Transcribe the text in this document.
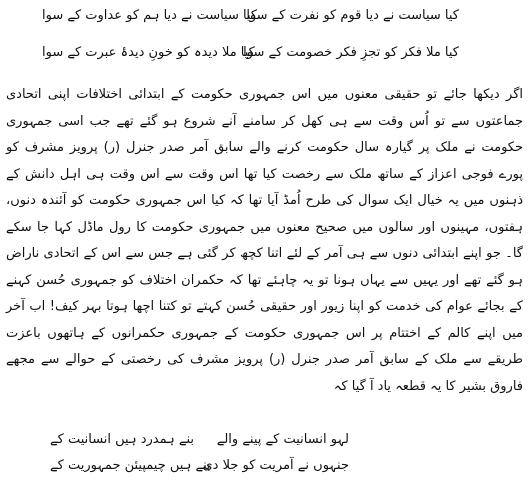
کیا سیاست نے دیا قوم کو نفرت کے سوا
کیا سیاست نے دیا ہم کو عداوت کے سوا
کیا ملا فکر کو تجزِ فکر خصومت کے سوا
کیا ملا دیدہ کو خونِ دیدۂ عبرت کے سوا
اگر دیکھا جائے تو حقیقی معنوں میں اس جمہوری حکومت کے ابتدائی اختلافات اپنی اتحادی جماعتوں سے تو اُس وقت سے ہی کھل کر سامنے آنے شروع ہو گئے تھے جب اسی جمہوری حکومت نے ملک پر گیارہ سال حکومت کرنے والے سابق آمر صدر جنرل (ر) پرویز مشرف کو پورے فوجی اعزاز کے ساتھ ملک سے رخصت کیا تھا اس وقت سے اس وقت ہی اہل دانش کے ذہنوں میں یہ خیال ایک سوال کی طرح اُمڈ آیا تھا کہ کیا اس جمہوری حکومت کو آئندہ دنوں، ہفتوں، مہینوں اور سالوں میں صحیح معنوں میں جمہوری حکومت کا رول ماڈل کہا جا سکے گا۔ جو اپنے ابتدائی دنوں سے ہی آمر کے لئے اتنا کچھ کر گئی ہے جس سے اس کے اتحادی ناراض ہو گئے تھے اور یہیں سے یہاں ہونا تو یہ چاہئے تھا کہ حکمران اختلاف کو جمہوری حُسن کہنے کے بجائے عوام کی خدمت کو اپنا زیور اور حقیقی حُسن کہتے تو کتنا اچھا ہوتا بہر کیف! اب آخر میں اپنے کالم کے اختتام پر اس جمہوری حکومت کے جمہوری حکمرانوں کے ہاتھوں باعزت طریقے سے ملک کے سابق آمر صدر جنرل (ر) پرویز مشرف کی رخصتی کے حوالے سے مجھے فاروق بشیر کا یہ قطعہ یاد آ گیا کہ
لہو انسانیت کے پینے والے
بنے ہمدرد ہیں انسانیت کے
جنہوں نے آمریت کو جلا دی
بنے ہیں چیمپیئن جمہوریت کے
